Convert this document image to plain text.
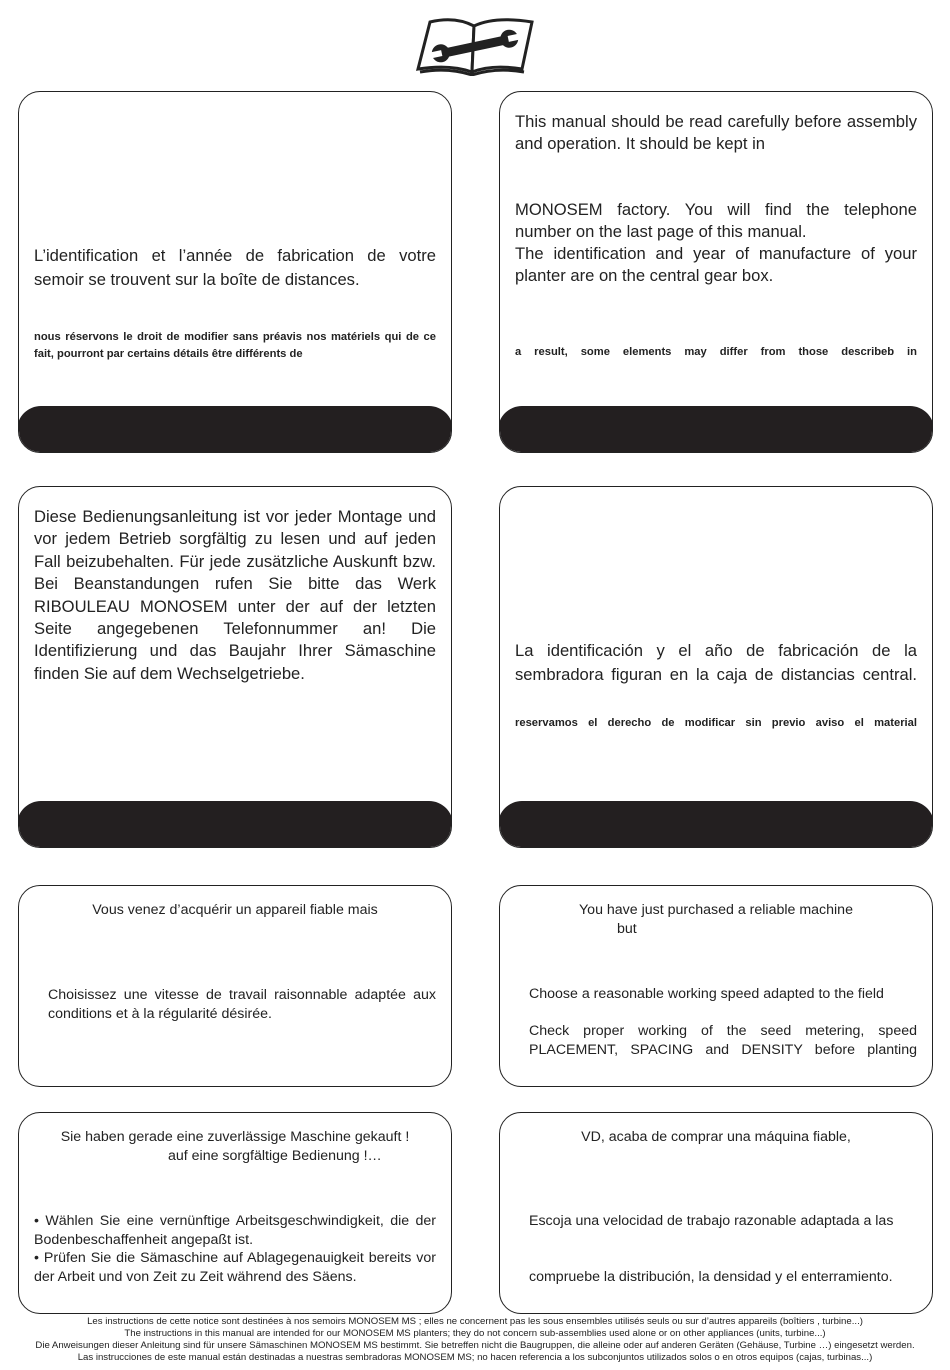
L’identification et l’année de fabrication de votre semoir se trouvent sur la boîte de distances.
nous réservons le droit de modifier sans préavis nos matériels qui de ce fait, pourront par certains détails être différents de
This manual should be read carefully before assembly and operation. It should be kept in
MONOSEM factory. You will find the telephone number on the last page of this manual.
The identification and year of manufacture of your planter are on the central gear box.
a result, some elements may differ from those describeb in
Diese Bedienungsanleitung ist vor jeder Montage und vor jedem Betrieb sorgfältig zu lesen und auf jeden Fall beizubehalten. Für jede zusätzliche Auskunft bzw. Bei Beanstandungen rufen Sie bitte das Werk RIBOULEAU MONOSEM unter der auf der letzten Seite angegebenen Telefonnummer an! Die Identifizierung und das Baujahr Ihrer Sämaschine finden Sie auf dem Wechselgetriebe.
La identificación y el año de fabricación de la sembradora figuran en la caja de distancias central.
reservamos el derecho de modificar sin previo aviso el material
Vous venez d’acquérir un appareil fiable mais
Choisissez une vitesse de travail raisonnable adaptée aux conditions et à la régularité désirée.
You have just purchased a reliable machine
but
Choose a reasonable working speed adapted to the field
Check proper working of the seed metering, speed PLACEMENT, SPACING and DENSITY before planting
Sie haben gerade eine zuverlässige Maschine gekauft !
auf eine sorgfältige Bedienung !…
• Wählen Sie eine vernünftige Arbeitsgeschwindigkeit, die der Bodenbeschaffenheit angepaßt ist.
• Prüfen Sie die Sämaschine auf Ablagegenauigkeit bereits vor der Arbeit und von Zeit zu Zeit während des Säens.
VD, acaba de comprar una máquina fiable,
Escoja una velocidad de trabajo razonable adaptada a las
compruebe la distribución, la densidad y el enterramiento.
Les instructions de cette notice sont destinées à nos semoirs MONOSEM MS ; elles ne concernent pas les sous ensembles utilisés seuls ou sur d’autres appareils (boîtiers , turbine...)
The instructions in this manual are intended for our MONOSEM MS planters; they do not concern sub-assemblies used alone or on other appliances (units, turbine...)
Die Anweisungen dieser Anleitung sind für unsere Sämaschinen MONOSEM MS bestimmt. Sie betreffen nicht die Baugruppen, die alleine oder auf anderen Geräten (Gehäuse, Turbine …) eingesetzt werden.
Las instrucciones de este manual están destinadas a nuestras sembradoras MONOSEM MS; no hacen referencia a los subconjuntos utilizados solos o en otros equipos (cajas, turbinas...)
